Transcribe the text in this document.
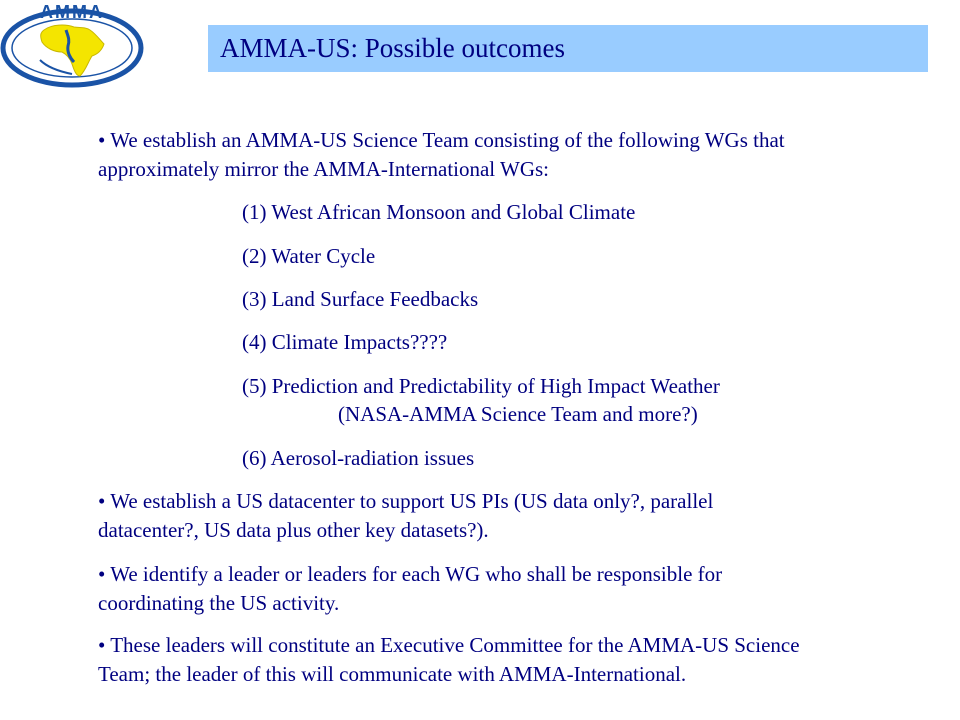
AMMA
AMMA-US: Possible outcomes
• We establish an AMMA-US Science Team consisting of the following WGs that
approximately mirror the AMMA-International WGs:
(1) West African Monsoon and Global Climate
(2) Water Cycle
(3) Land Surface Feedbacks
(4) Climate Impacts????
(5) Prediction and Predictability of High Impact Weather
(NASA-AMMA Science Team and more?)
(6) Aerosol-radiation issues
• We establish a US datacenter to support US PIs (US data only?, parallel
datacenter?, US data plus other key datasets?).
• We identify a leader or leaders for each WG who shall be responsible for
coordinating the US activity.
• These leaders will constitute an Executive Committee for the AMMA-US Science
Team; the leader of this will communicate with AMMA-International.
